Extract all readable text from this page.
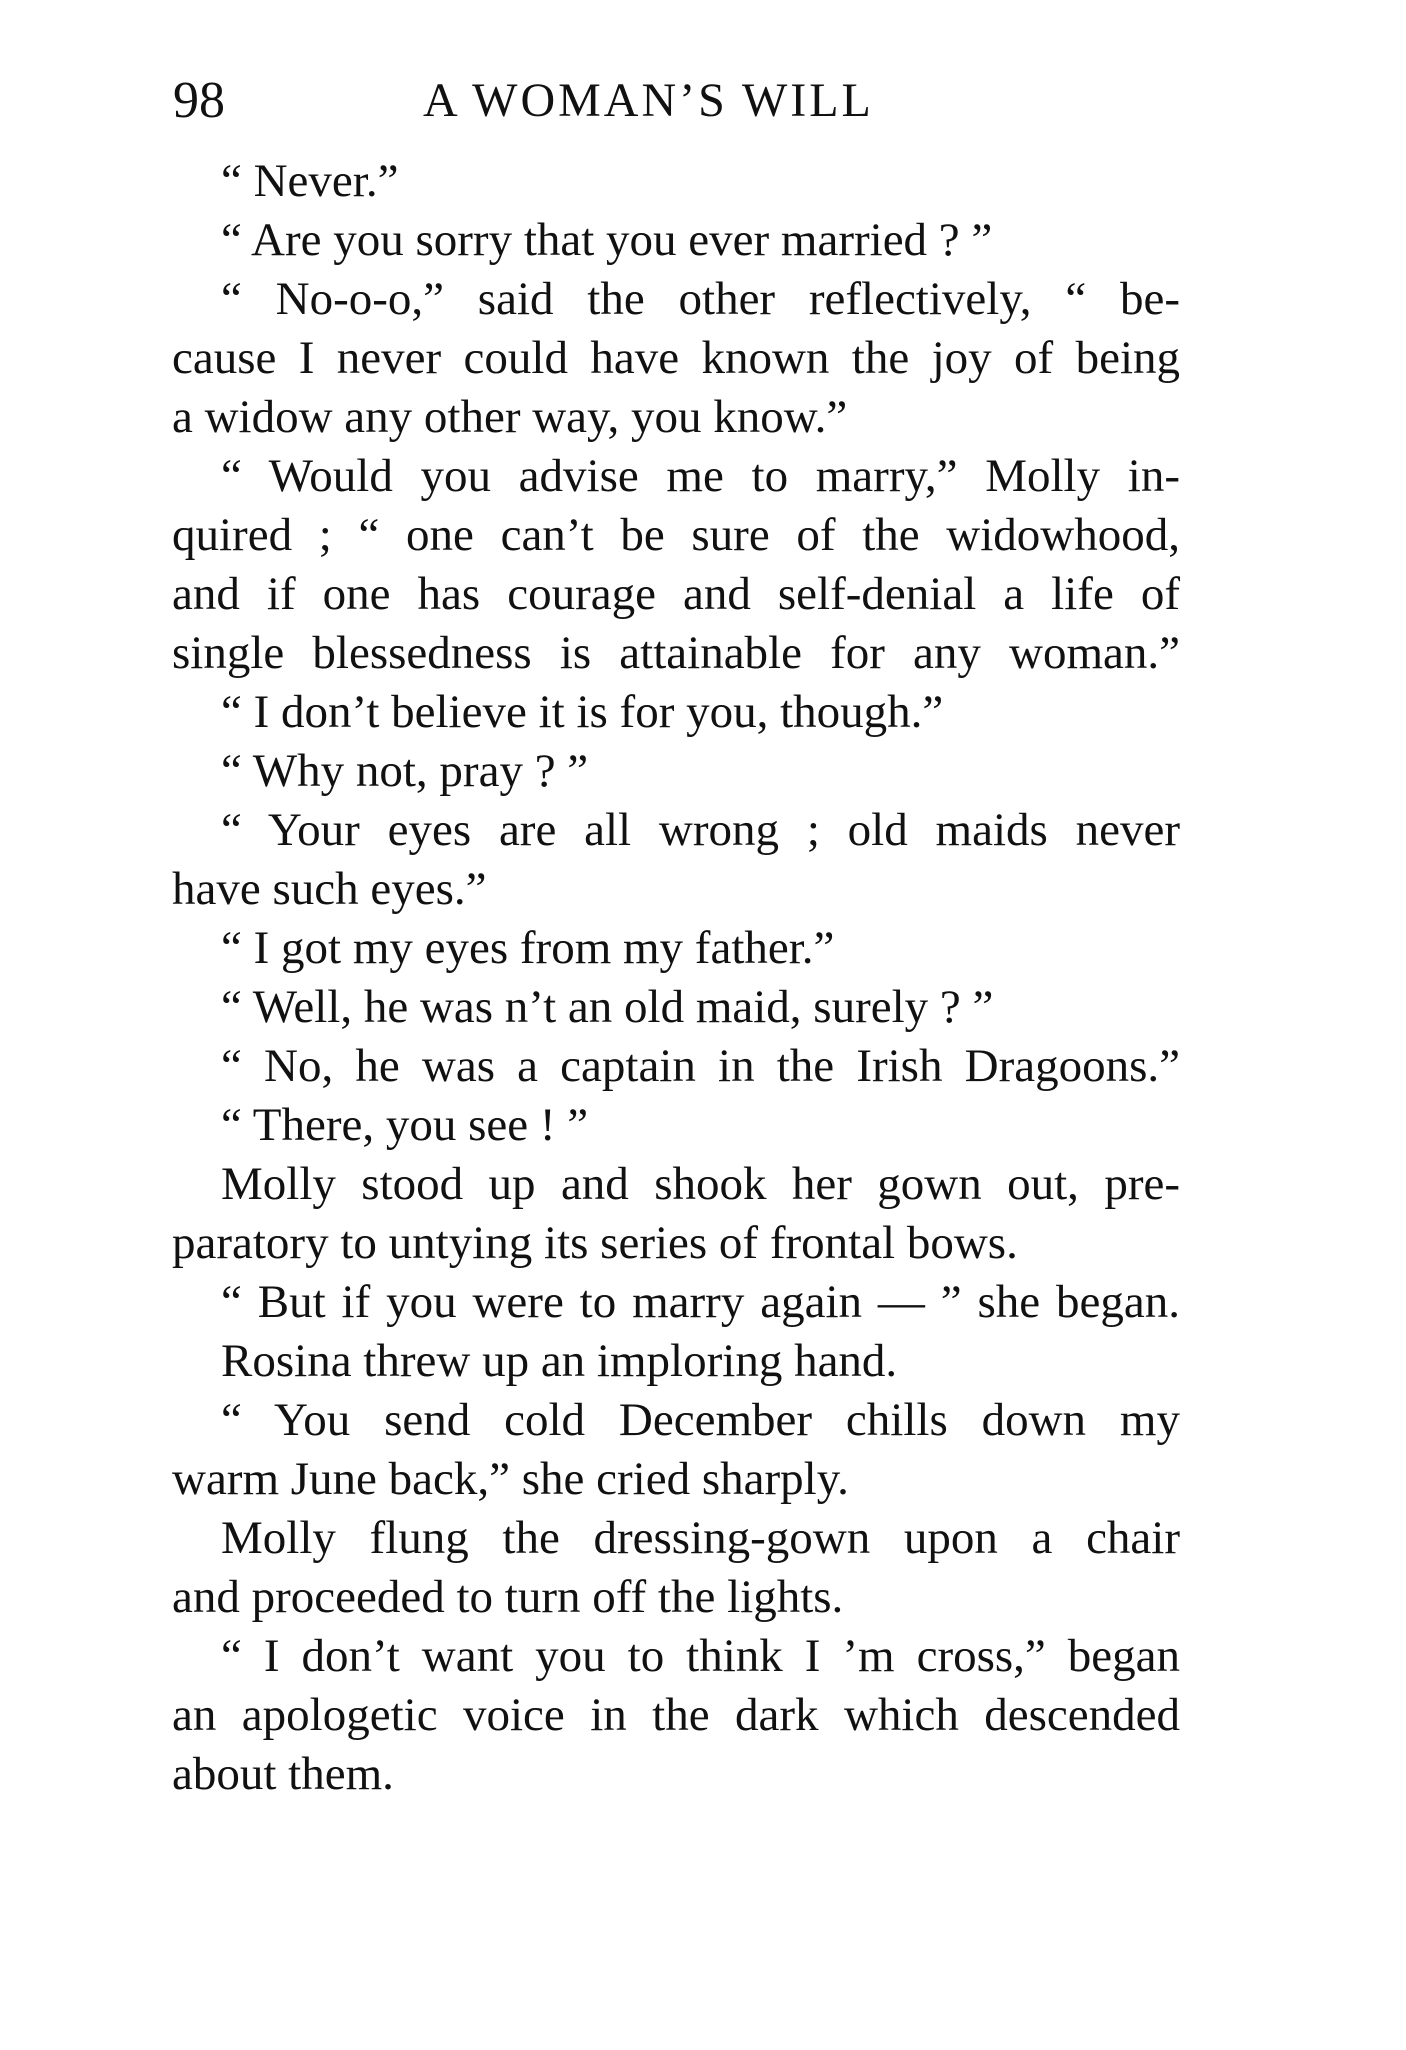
98	A WOMAN’S WILL
“ Never.”
“ Are you sorry that you ever married ? ”
“ No-o-o,” said the other reflectively, “ be-
cause I never could have known the joy of being
a widow any other way, you know.”
“ Would you advise me to marry,” Molly in-
quired ; “ one can’t be sure of the widowhood,
and if one has courage and self-denial a life of
single blessedness is attainable for any woman.”
“ I don’t believe it is for you, though.”
“ Why not, pray ? ”
“ Your eyes are all wrong ; old maids never
have such eyes.”
“ I got my eyes from my father.”
“ Well, he was n’t an old maid, surely ? ”
“ No, he was a captain in the Irish Dragoons.”
“ There, you see ! ”
Molly stood up and shook her gown out, pre-
paratory to untying its series of frontal bows.
“ But if you were to marry again — ” she began.
Rosina threw up an imploring hand.
“ You send cold December chills down my
warm June back,” she cried sharply.
Molly flung the dressing-gown upon a chair
and proceeded to turn off the lights.
“ I don’t want you to think I ’m cross,” began
an apologetic voice in the dark which descended
about them.
